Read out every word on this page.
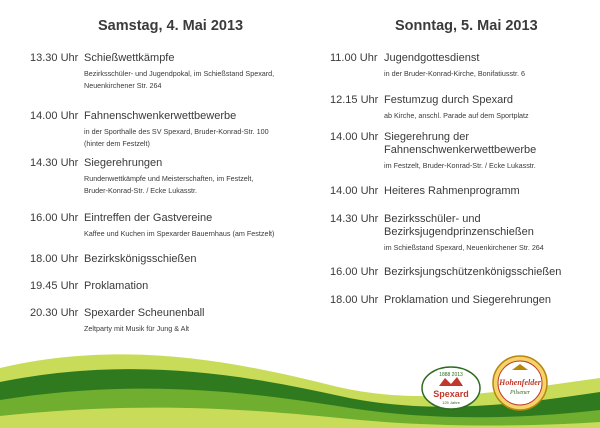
Samstag, 4. Mai 2013
13.30 Uhr Schießwettkämpfe
Bezirksschüler- und Jugendpokal, im Schießstand Spexard,
Neuenkirchener Str. 264
14.00 Uhr Fahnenschwenkerwettbewerbe
in der Sporthalle des SV Spexard, Bruder-Konrad-Str. 100
(hinter dem Festzelt)
14.30 Uhr Siegerehrungen
Rundenwettkämpfe und Meisterschaften, im Festzelt,
Bruder-Konrad-Str. / Ecke Lukasstr.
16.00 Uhr Eintreffen der Gastvereine
Kaffee und Kuchen im Spexarder Bauernhaus (am Festzelt)
18.00 Uhr Bezirkskönigsschießen
19.45 Uhr Proklamation
20.30 Uhr Spexarder Scheunenball
Zeltparty mit Musik für Jung & Alt
Sonntag, 5. Mai 2013
11.00 Uhr Jugendgottesdienst
in der Bruder-Konrad-Kirche, Bonifatiusstr. 6
12.15 Uhr Festumzug durch Spexard
ab Kirche, anschl. Parade auf dem Sportplatz
14.00 Uhr Siegerehrung der
Fahnenschwenkerwettbewerbe
im Festzelt, Bruder-Konrad-Str. / Ecke Lukasstr.
14.00 Uhr Heiteres Rahmenprogramm
14.30 Uhr Bezirksschüler- und
Bezirksjugendprinzenschießen
im Schießstand Spexard, Neuenkirchener Str. 264
16.00 Uhr Bezirksjungschützenkönigsschießen
18.00 Uhr Proklamation und Siegerehrungen
1888 2013
Spexard
125 Jahre
Hohenfelder
Pilsener
